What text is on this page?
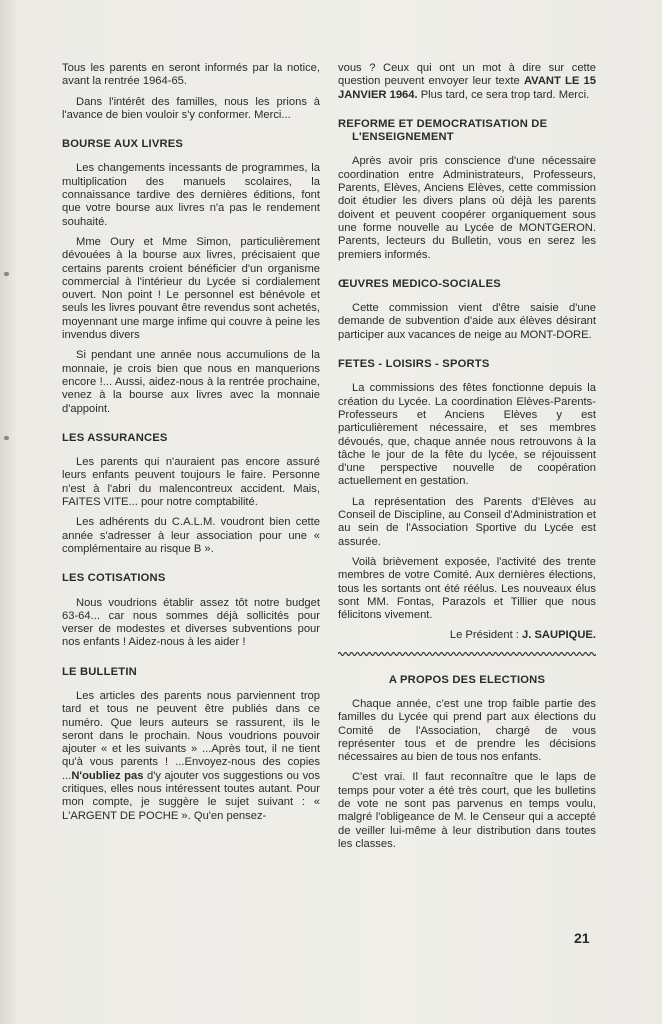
Tous les parents en seront informés par la notice, avant la rentrée 1964-65.

Dans l'intérêt des familles, nous les prions à l'avance de bien vouloir s'y conformer. Merci...

BOURSE AUX LIVRES

Les changements incessants de programmes, la multiplication des manuels scolaires, la connaissance tardive des dernières éditions, font que votre bourse aux livres n'a pas le rendement souhaité.

Mme Oury et Mme Simon, particulièrement dévouées à la bourse aux livres, précisaient que certains parents croient bénéficier d'un organisme commercial à l'intérieur du Lycée si cordialement ouvert. Non point ! Le personnel est bénévole et seuls les livres pouvant être revendus sont achetés, moyennant une marge infime qui couvre à peine les invendus divers

Si pendant une année nous accumulions de la monnaie, je crois bien que nous en manquerions encore !... Aussi, aidez-nous à la rentrée prochaine, venez à la bourse aux livres avec la monnaie d'appoint.

LES ASSURANCES

Les parents qui n'auraient pas encore assuré leurs enfants peuvent toujours le faire. Personne n'est à l'abri du malencontreux accident. Mais, FAITES VITE... pour notre comptabilité.

Les adhérents du C.A.L.M. voudront bien cette année s'adresser à leur association pour une « complémentaire au risque B ».

LES COTISATIONS

Nous voudrions établir assez tôt notre budget 63-64... car nous sommes déjà sollicités pour verser de modestes et diverses subventions pour nos enfants ! Aidez-nous à les aider !

LE BULLETIN

Les articles des parents nous parviennent trop tard et tous ne peuvent être publiés dans ce numéro. Que leurs auteurs se rassurent, ils le seront dans le prochain. Nous voudrions pouvoir ajouter « et les suivants » ...Après tout, il ne tient qu'à vous parents ! ...Envoyez-nous des copies ...N'oubliez pas d'y ajouter vos suggestions ou vos critiques, elles nous intéressent toutes autant. Pour mon compte, je suggère le sujet suivant : « L'ARGENT DE POCHE ». Qu'en pensez-

vous ? Ceux qui ont un mot à dire sur cette question peuvent envoyer leur texte AVANT LE 15 JANVIER 1964. Plus tard, ce sera trop tard. Merci.

REFORME ET DEMOCRATISATION DE L'ENSEIGNEMENT

Après avoir pris conscience d'une nécessaire coordination entre Administrateurs, Professeurs, Parents, Elèves, Anciens Elèves, cette commission doit étudier les divers plans où déjà les parents doivent et peuvent coopérer organiquement sous une forme nouvelle au Lycée de MONTGERON. Parents, lecteurs du Bulletin, vous en serez les premiers informés.

ŒUVRES MEDICO-SOCIALES

Cette commission vient d'être saisie d'une demande de subvention d'aide aux élèves désirant participer aux vacances de neige au MONT-DORE.

FETES - LOISIRS - SPORTS

La commissions des fêtes fonctionne depuis la création du Lycée. La coordination Elèves-Parents-Professeurs et Anciens Elèves y est particulièrement nécessaire, et ses membres dévoués, que, chaque année nous retrouvons à la tâche le jour de la fête du lycée, se réjouissent d'une perspective nouvelle de coopération actuellement en gestation.

La représentation des Parents d'Elèves au Conseil de Discipline, au Conseil d'Administration et au sein de l'Association Sportive du Lycée est assurée.

Voilà brièvement exposée, l'activité des trente membres de votre Comité. Aux dernières élections, tous les sortants ont été réélus. Les nouveaux élus sont MM. Fontas, Parazols et Tillier que nous félicitons vivement.

Le Président : J. SAUPIQUE.

A PROPOS DES ELECTIONS

Chaque année, c'est une trop faible partie des familles du Lycée qui prend part aux élections du Comité de l'Association, chargé de vous représenter tous et de prendre les décisions nécessaires au bien de tous nos enfants.

C'est vrai. Il faut reconnaître que le laps de temps pour voter a été très court, que les bulletins de vote ne sont pas parvenus en temps voulu, malgré l'obligeance de M. le Censeur qui a accepté de veiller lui-même à leur distribution dans toutes les classes.

21
